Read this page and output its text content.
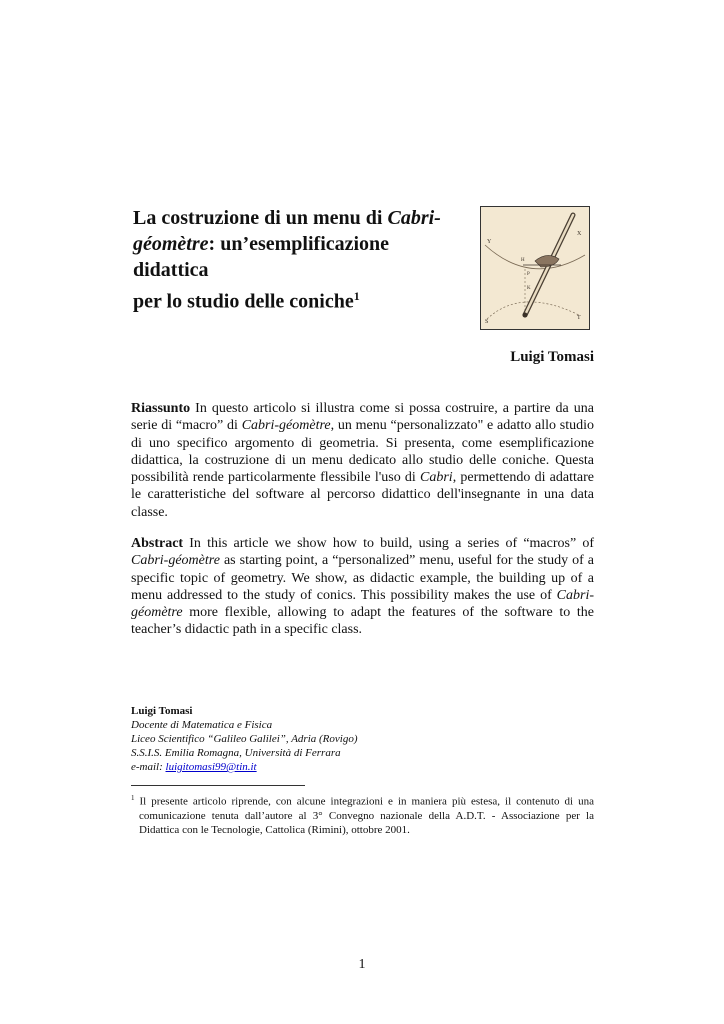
La costruzione di un menu di Cabri-
géomètre: un’esemplificazione didattica
per lo studio delle coniche$^1$
Y
X
H
P
K
S
T
Luigi Tomasi

Riassunto In questo articolo si illustra come si possa costruire, a partire da una serie di “macro” di Cabri-géomètre, un menu “personalizzato" e adatto allo studio di uno specifico argomento di geometria. Si presenta, come esemplificazione didattica, la costruzione di un menu dedicato allo studio delle coniche. Questa possibilità rende particolarmente flessibile l'uso di Cabri, permettendo di adattare le caratteristiche del software al percorso didattico dell'insegnante in una data classe.

Abstract In this article we show how to build, using a series of “macros” of Cabri-géomètre as starting point, a “personalized” menu, useful for the study of a specific topic of geometry. We show, as didactic example, the building up of a menu addressed to the study of conics. This possibility makes the use of Cabri-géomètre more flexible, allowing to adapt the features of the software to the teacher’s didactic path in a specific class.

Luigi Tomasi
Docente di Matematica e Fisica
Liceo Scientifico “Galileo Galilei”, Adria (Rovigo)
S.S.I.S. Emilia Romagna, Università di Ferrara
e-mail: luigitomasi99@tin.it
$^1$ Il presente articolo riprende, con alcune integrazioni e in maniera più estesa, il contenuto di una comunicazione tenuta dall’autore al 3° Convegno nazionale della A.D.T. - Associazione per la Didattica con le Tecnologie, Cattolica (Rimini), ottobre 2001.
1
